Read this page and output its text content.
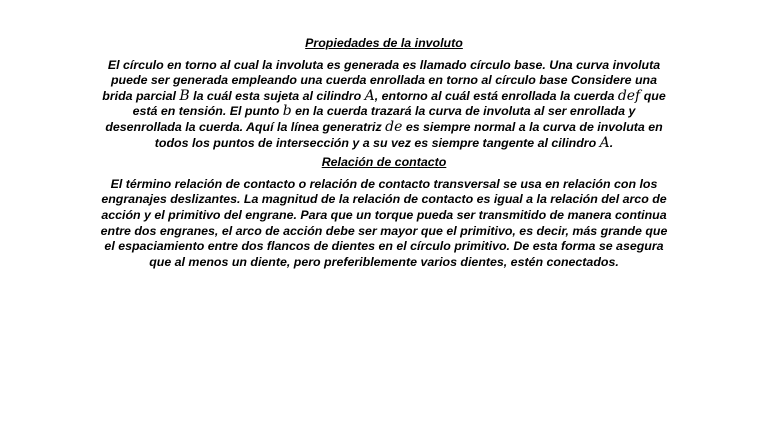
Propiedades de la involuto
El círculo en torno al cual la involuta es generada es llamado círculo base. Una curva involuta puede ser generada empleando una cuerda enrollada en torno al círculo base Considere una brida parcial B la cuál esta sujeta al cilindro A, entorno al cuál está enrollada la cuerda def que está en tensión. El punto b en la cuerda trazará la curva de involuta al ser enrollada y desenrollada la cuerda. Aquí la línea generatriz de es siempre normal a la curva de involuta en todos los puntos de intersección y a su vez es siempre tangente al cilindro A.
Relación de contacto
El término relación de contacto o relación de contacto transversal se usa en relación con los engranajes deslizantes. La magnitud de la relación de contacto es igual a la relación del arco de acción y el primitivo del engrane. Para que un torque pueda ser transmitido de manera continua entre dos engranes, el arco de acción debe ser mayor que el primitivo, es decir, más grande que el espaciamiento entre dos flancos de dientes en el círculo primitivo. De esta forma se asegura que al menos un diente, pero preferiblemente varios dientes, estén conectados.
